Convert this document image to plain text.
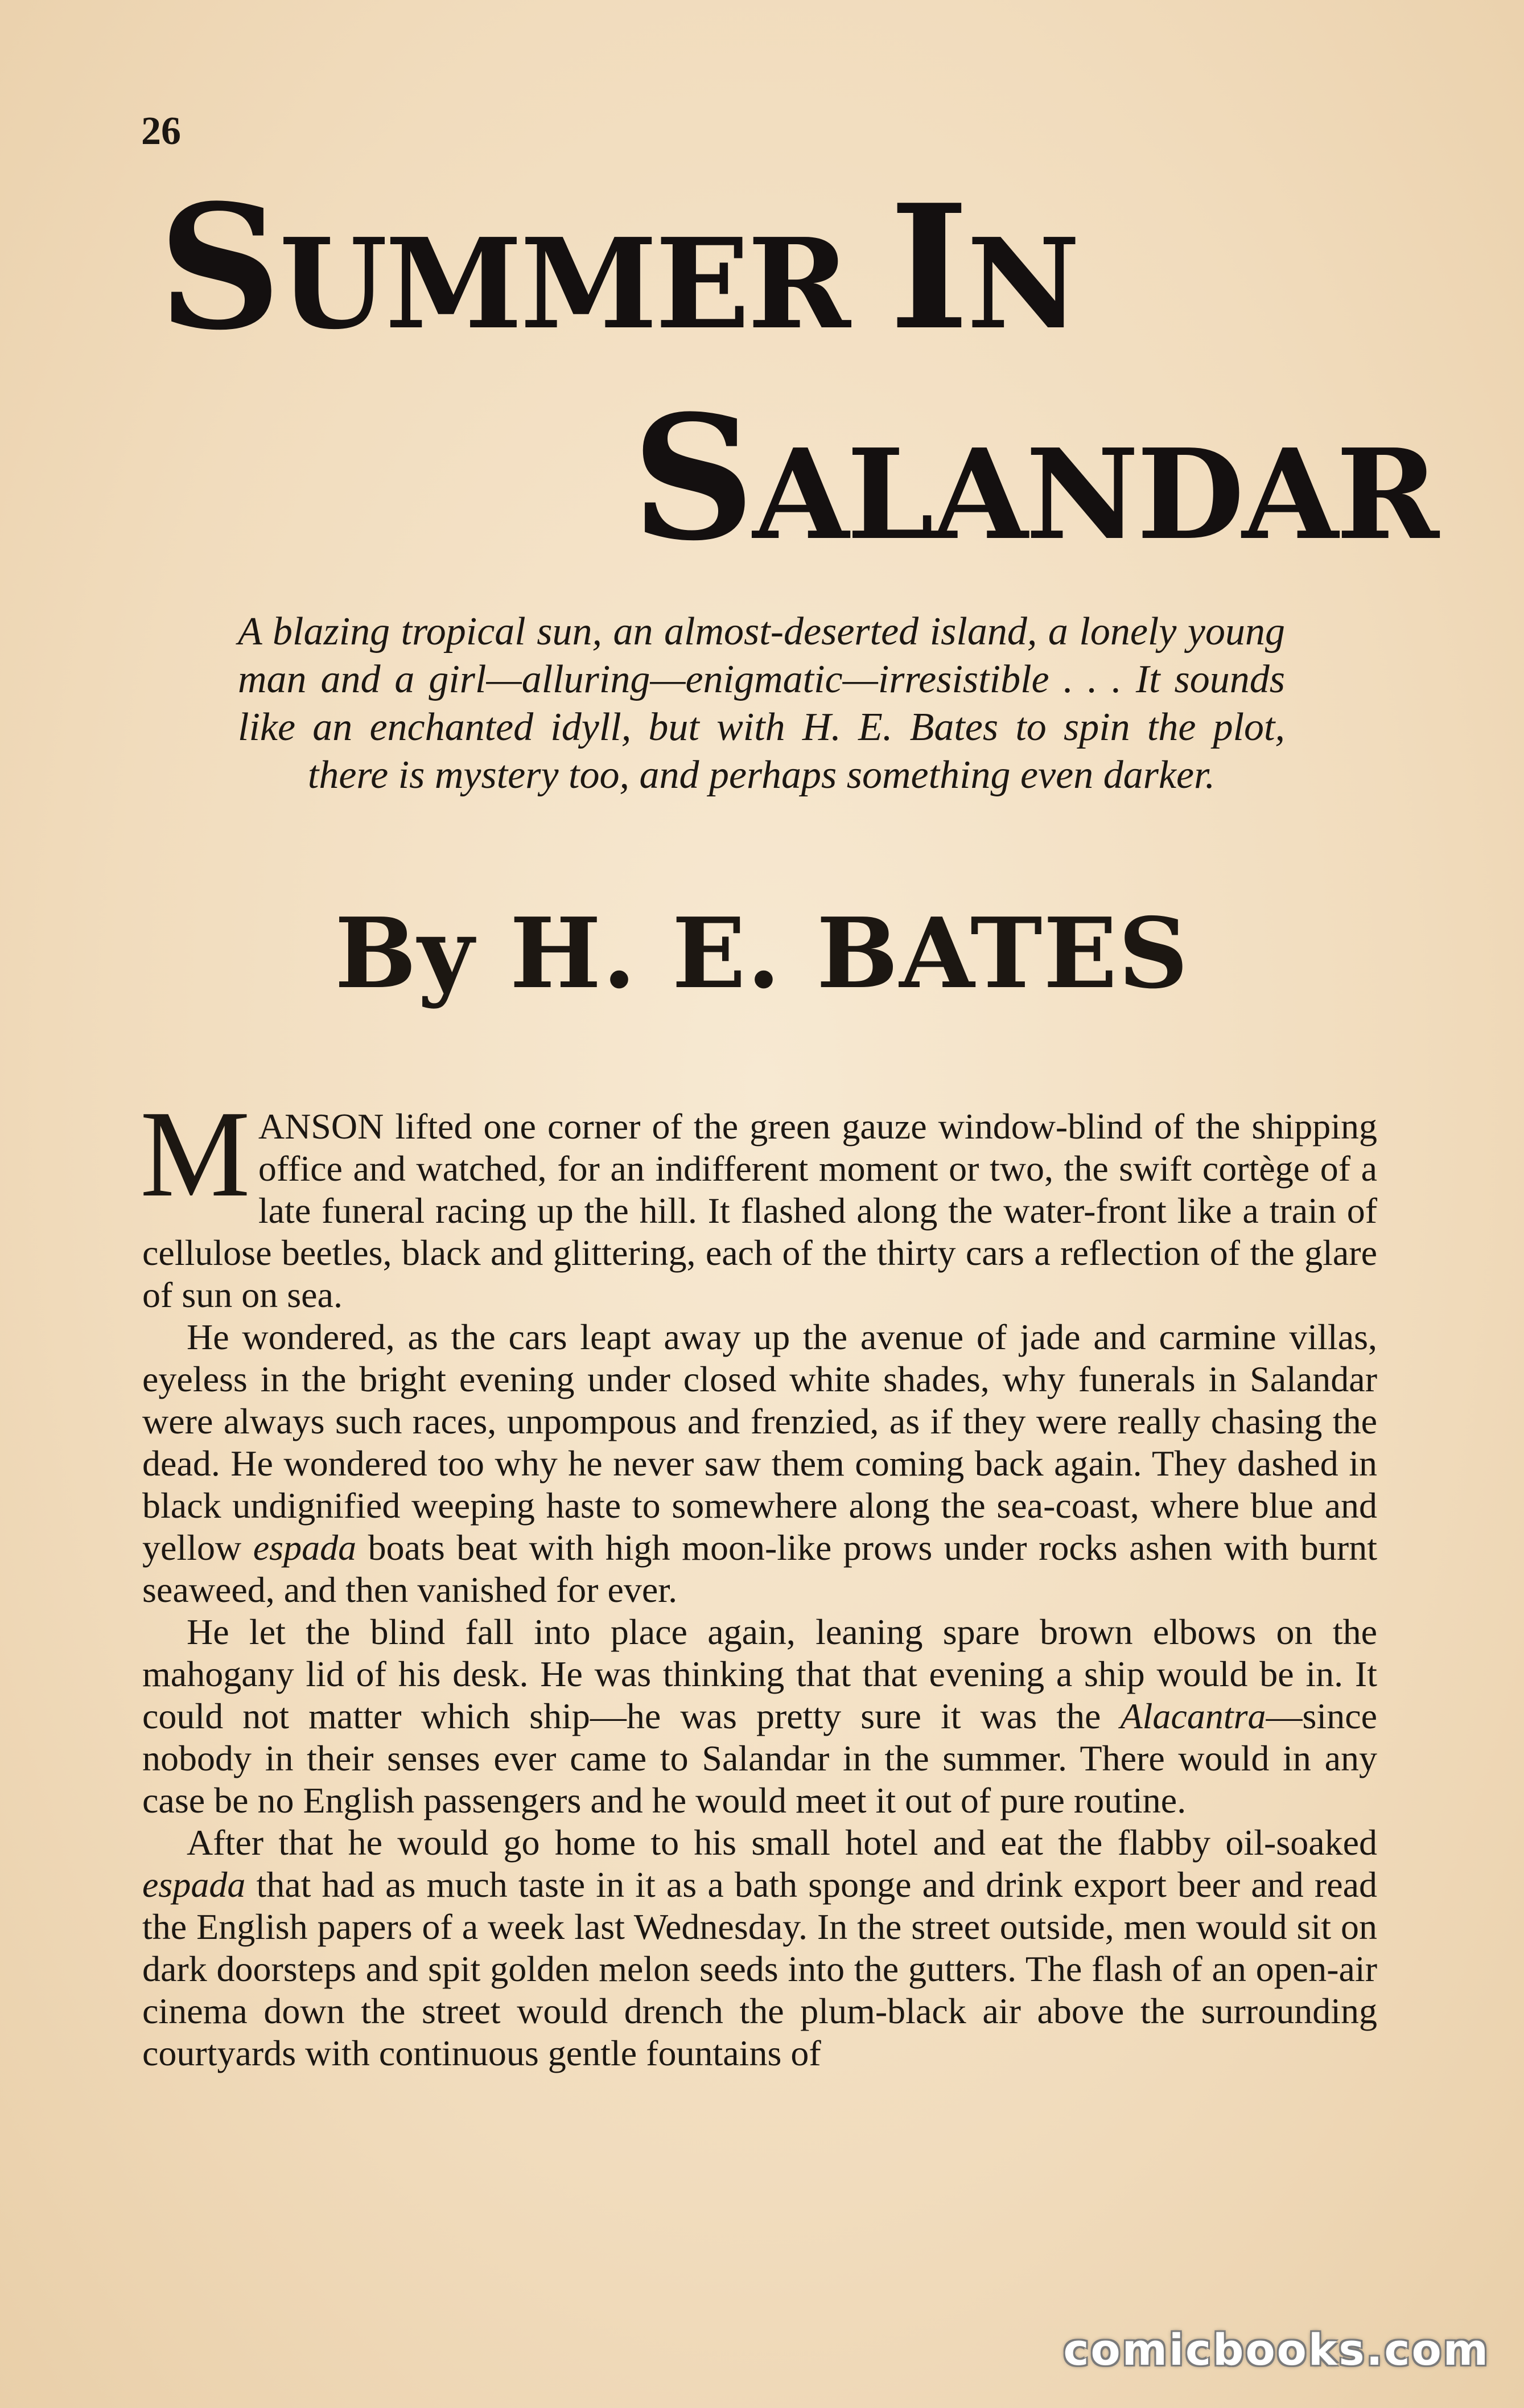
26
SUMMER IN
SALANDAR
A blazing tropical sun, an almost-deserted island, a lonely young man and a girl—alluring—enigmatic—irresistible . . . It sounds like an enchanted idyll, but with H. E. Bates to spin the plot, there is mystery too, and perhaps something even darker.
By H. E. BATES

MANSON lifted one corner of the green gauze window-blind of the shipping office and watched, for an indifferent moment or two, the swift cortège of a late funeral racing up the hill. It flashed along the water-front like a train of cellulose beetles, black and glittering, each of the thirty cars a reflection of the glare of sun on sea.

He wondered, as the cars leapt away up the avenue of jade and carmine villas, eyeless in the bright evening under closed white shades, why funerals in Salandar were always such races, unpompous and frenzied, as if they were really chasing the dead. He wondered too why he never saw them coming back again. They dashed in black undignified weeping haste to somewhere along the sea-coast, where blue and yellow espada boats beat with high moon-like prows under rocks ashen with burnt seaweed, and then vanished for ever.

He let the blind fall into place again, leaning spare brown elbows on the mahogany lid of his desk. He was thinking that that evening a ship would be in. It could not matter which ship—he was pretty sure it was the Alacantra—since nobody in their senses ever came to Salandar in the summer. There would in any case be no English passengers and he would meet it out of pure routine.

After that he would go home to his small hotel and eat the flabby oil-soaked espada that had as much taste in it as a bath sponge and drink export beer and read the English papers of a week last Wednesday. In the street outside, men would sit on dark doorsteps and spit golden melon seeds into the gutters. The flash of an open-air cinema down the street would drench the plum-black air above the surrounding courtyards with continuous gentle fountains of

comicbooks.com
